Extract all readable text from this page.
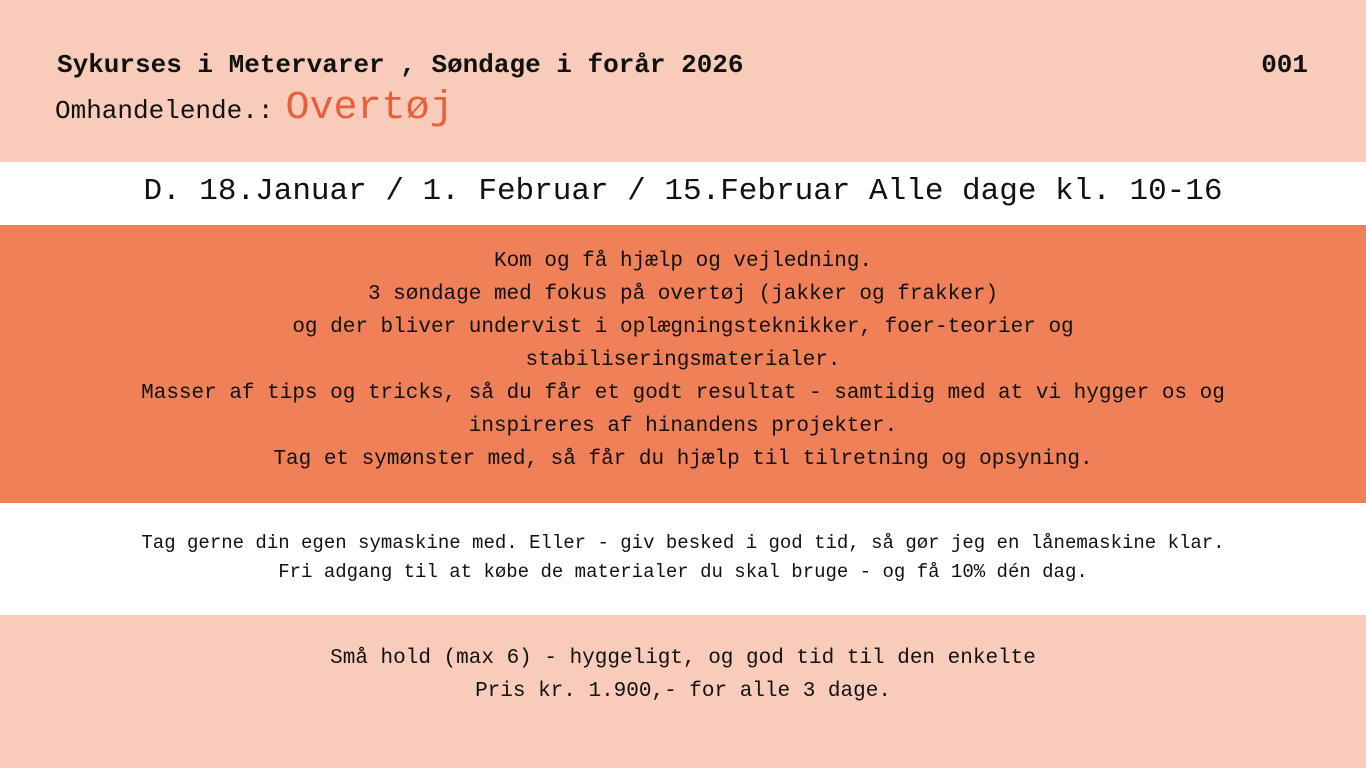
Sykurses i Metervarer , Søndage i forår 2026	001
Omhandelende.: Overtøj
D. 18.Januar / 1. Februar / 15.Februar Alle dage kl. 10-16
Kom og få hjælp og vejledning.
3 søndage med fokus på overtøj (jakker og frakker)
og der bliver undervist i oplægningsteknikker, foer-teorier og
stabiliseringsmaterialer.
Masser af tips og tricks, så du får et godt resultat - samtidig med at vi hygger os og
inspireres af hinandens projekter.
Tag et symønster med, så får du hjælp til tilretning og opsyning.
Tag gerne din egen symaskine med. Eller - giv besked i god tid, så gør jeg en lånemaskine klar.
Fri adgang til at købe de materialer du skal bruge - og få 10% dén dag.
Små hold (max 6) - hyggeligt, og god tid til den enkelte
Pris kr. 1.900,- for alle 3 dage.
